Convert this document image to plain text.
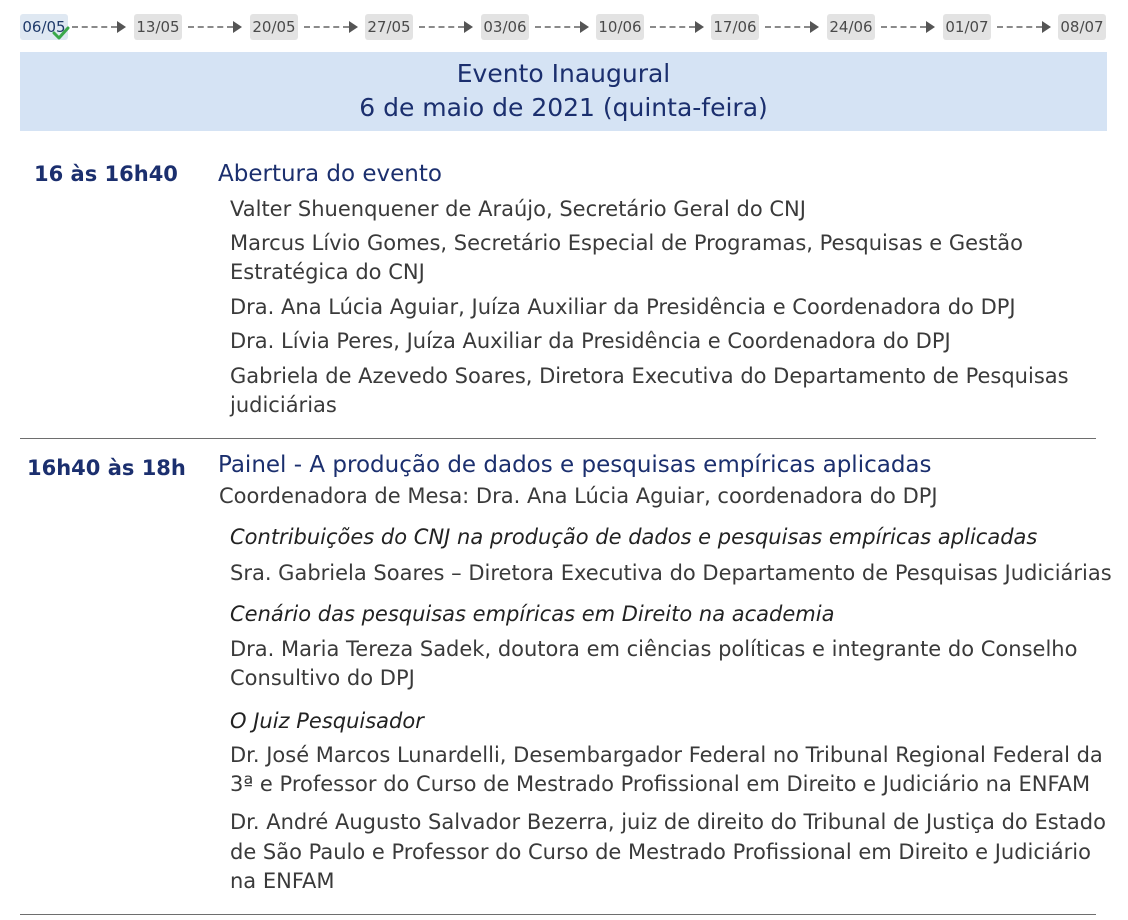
06/05	13/05	20/05	27/05	03/06	10/06	17/06	24/06	01/07	08/07
Evento Inaugural
6 de maio de 2021 (quinta-feira)
16 às 16h40 Abertura do evento
Valter Shuenquener de Araújo, Secretário Geral do CNJ
Marcus Lívio Gomes, Secretário Especial de Programas, Pesquisas e Gestão
Estratégica do CNJ
Dra. Ana Lúcia Aguiar, Juíza Auxiliar da Presidência e Coordenadora do DPJ
Dra. Lívia Peres, Juíza Auxiliar da Presidência e Coordenadora do DPJ
Gabriela de Azevedo Soares, Diretora Executiva do Departamento de Pesquisas
judiciárias
16h40 às 18h Painel - A produção de dados e pesquisas empíricas aplicadas
Coordenadora de Mesa: Dra. Ana Lúcia Aguiar, coordenadora do DPJ
Contribuições do CNJ na produção de dados e pesquisas empíricas aplicadas
Sra. Gabriela Soares – Diretora Executiva do Departamento de Pesquisas Judiciárias
Cenário das pesquisas empíricas em Direito na academia
Dra. Maria Tereza Sadek, doutora em ciências políticas e integrante do Conselho
Consultivo do DPJ
O Juiz Pesquisador
Dr. José Marcos Lunardelli, Desembargador Federal no Tribunal Regional Federal da
3ª e Professor do Curso de Mestrado Profissional em Direito e Judiciário na ENFAM
Dr. André Augusto Salvador Bezerra, juiz de direito do Tribunal de Justiça do Estado
de São Paulo e Professor do Curso de Mestrado Profissional em Direito e Judiciário
na ENFAM
